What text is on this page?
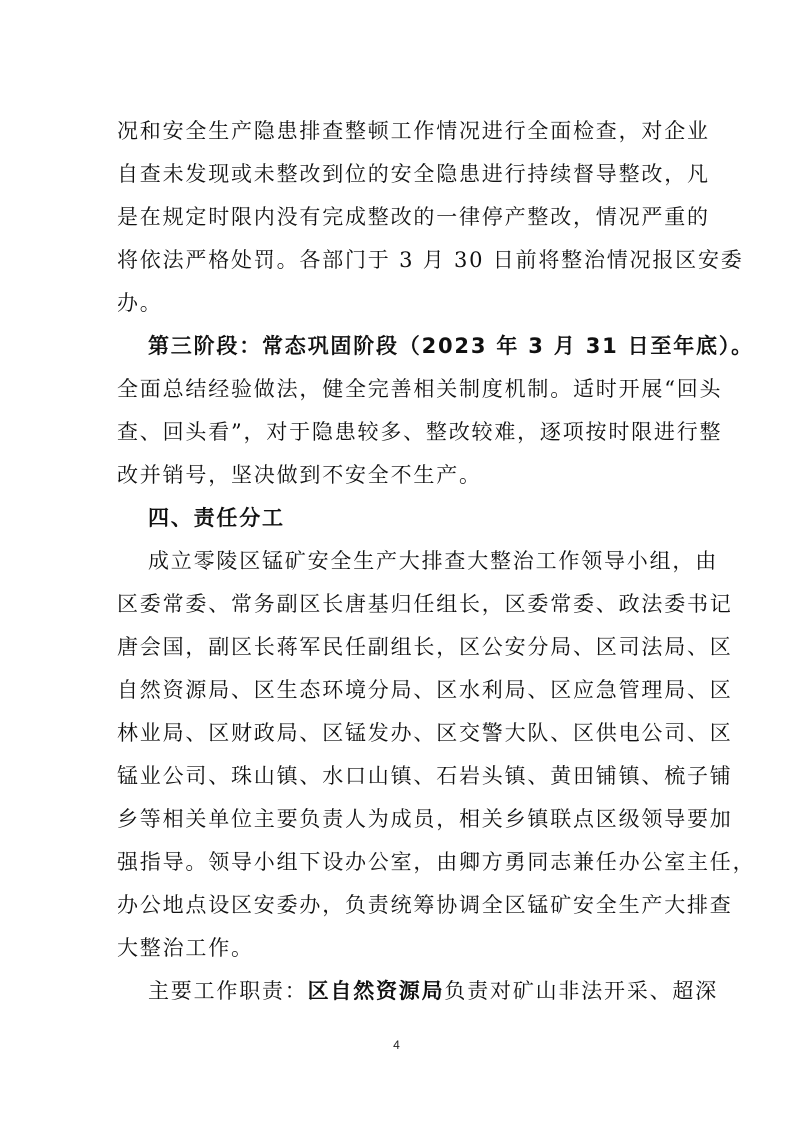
况和安全生产隐患排查整顿工作情况进行全面检查，对企业
自查未发现或未整改到位的安全隐患进行持续督导整改，凡
是在规定时限内没有完成整改的一律停产整改，情况严重的
将依法严格处罚。各部门于 3 月 30 日前将整治情况报区安委
办。
第三阶段：常态巩固阶段（2023 年 3 月 31 日至年底）。
全面总结经验做法，健全完善相关制度机制。适时开展“回头
查、回头看”，对于隐患较多、整改较难，逐项按时限进行整
改并销号，坚决做到不安全不生产。
四、责任分工
成立零陵区锰矿安全生产大排查大整治工作领导小组，由
区委常委、常务副区长唐基归任组长，区委常委、政法委书记
唐会国，副区长蒋军民任副组长，区公安分局、区司法局、区
自然资源局、区生态环境分局、区水利局、区应急管理局、区
林业局、区财政局、区锰发办、区交警大队、区供电公司、区
锰业公司、珠山镇、水口山镇、石岩头镇、黄田铺镇、梳子铺
乡等相关单位主要负责人为成员，相关乡镇联点区级领导要加
强指导。领导小组下设办公室，由卿方勇同志兼任办公室主任，
办公地点设区安委办，负责统筹协调全区锰矿安全生产大排查
大整治工作。
主要工作职责：区自然资源局负责对矿山非法开采、超深
4
